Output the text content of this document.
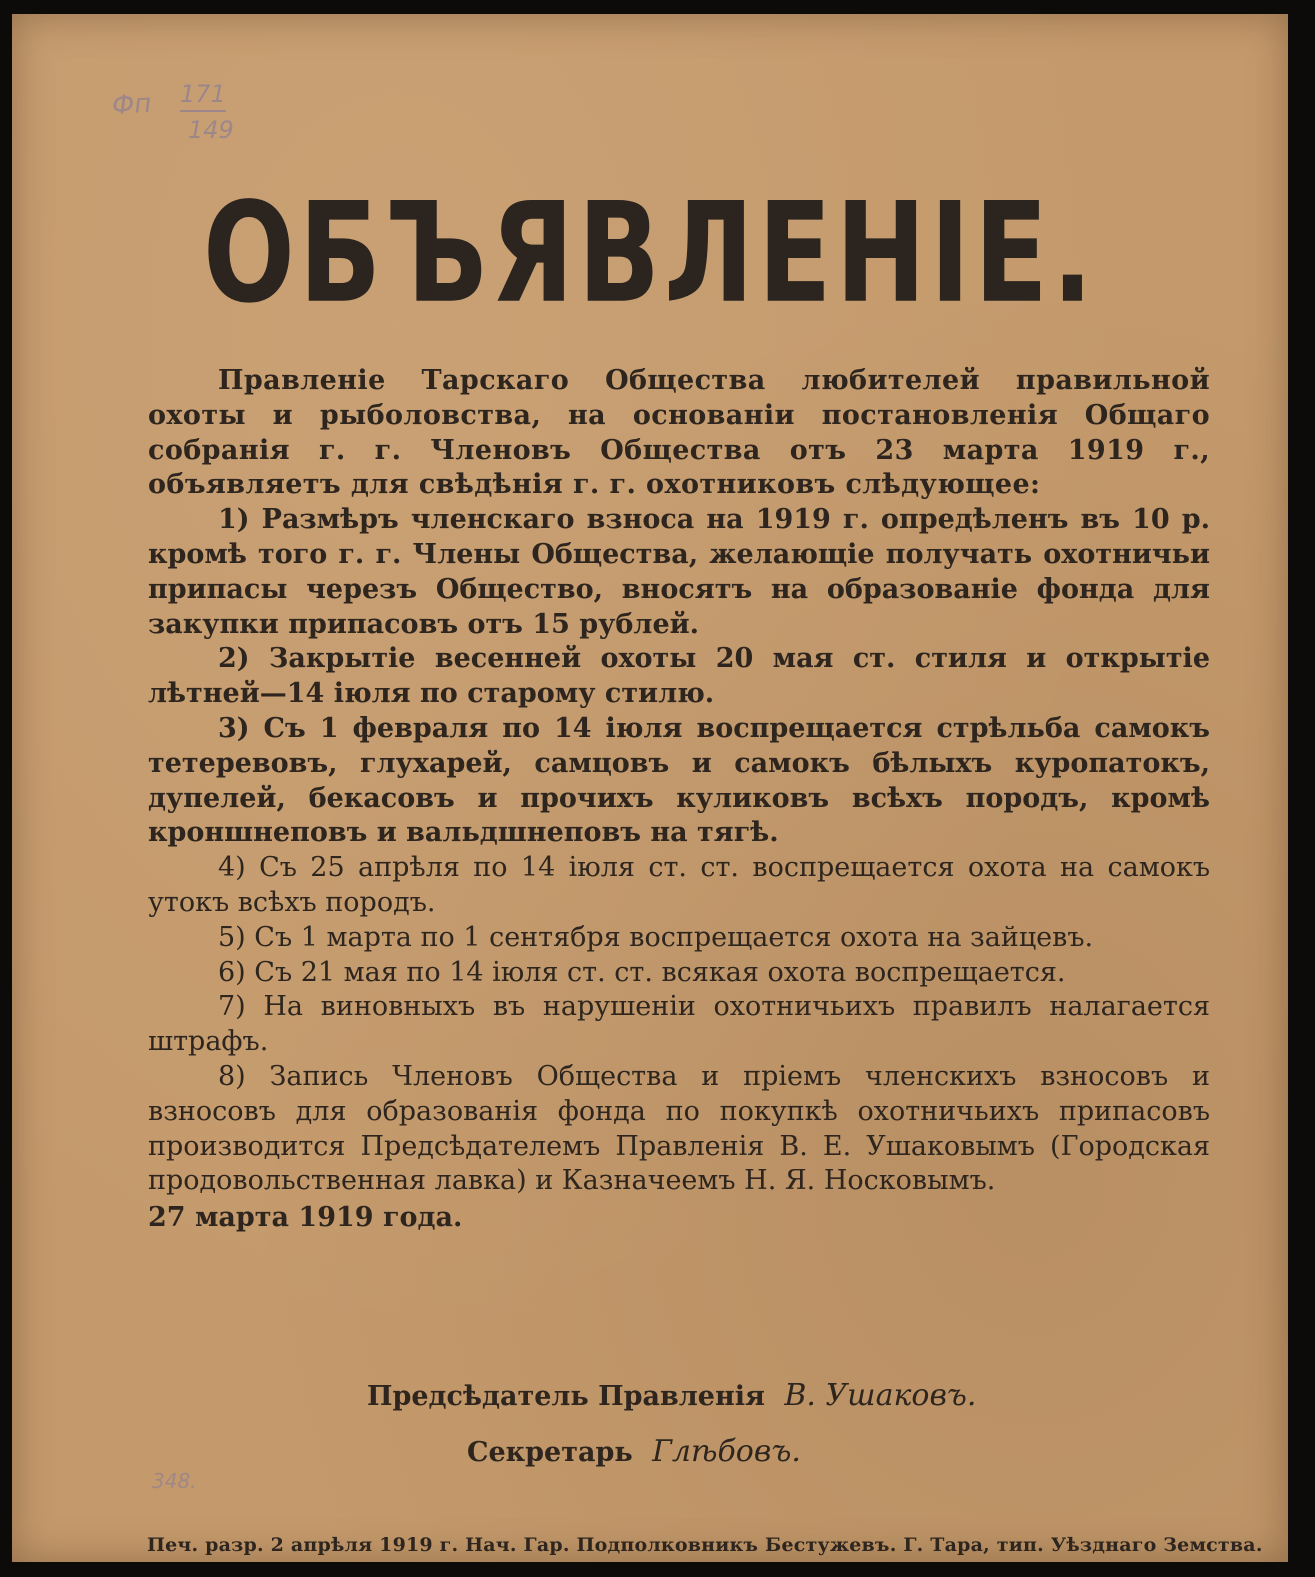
Фп 171
149
ОБЪЯВЛЕНІЕ.

Правленіе Тарскаго Общества любителей правильной охоты и рыболовства, на основаніи постановленія Общаго собранія г. г. Членовъ Общества отъ 23 марта 1919 г., объявляетъ для свѣдѣнія г. г. охотниковъ слѣдующее:

1) Размѣръ членскаго взноса на 1919 г. опредѣленъ въ 10 р. кромѣ того г. г. Члены Общества, желающіе получать охотничьи припасы черезъ Общество, вносятъ на образованіе фонда для закупки припасовъ отъ 15 рублей.

2) Закрытіе весенней охоты 20 мая ст. стиля и открытіе лѣтней—14 іюля по старому стилю.

3) Съ 1 февраля по 14 іюля воспрещается стрѣльба самокъ тетеревовъ, глухарей, самцовъ и самокъ бѣлыхъ куропатокъ, дупелей, бекасовъ и прочихъ куликовъ всѣхъ породъ, кромѣ кроншнеповъ и вальдшнеповъ на тягѣ.

4) Съ 25 апрѣля по 14 іюля ст. ст. воспрещается охота на самокъ утокъ всѣхъ породъ.

5) Съ 1 марта по 1 сентября воспрещается охота на зайцевъ.

6) Съ 21 мая по 14 іюля ст. ст. всякая охота воспрещается.

7) На виновныхъ въ нарушеніи охотничьихъ правилъ налагается штрафъ.

8) Запись Членовъ Общества и пріемъ членскихъ взносовъ и взносовъ для образованія фонда по покупкѣ охотничьихъ припасовъ производится Предсѣдателемъ Правленія В. Е. Ушаковымъ (Городская продовольственная лавка) и Казначеемъ Н. Я. Носковымъ.

27 марта 1919 года.

Предсѣдатель Правленія В. Ушаковъ.
Секретарь Глѣбовъ.
348.
Печ. разр. 2 апрѣля 1919 г. Нач. Гар. Подполковникъ Бестужевъ. Г. Тара, тип. Уѣзднаго Земства.
